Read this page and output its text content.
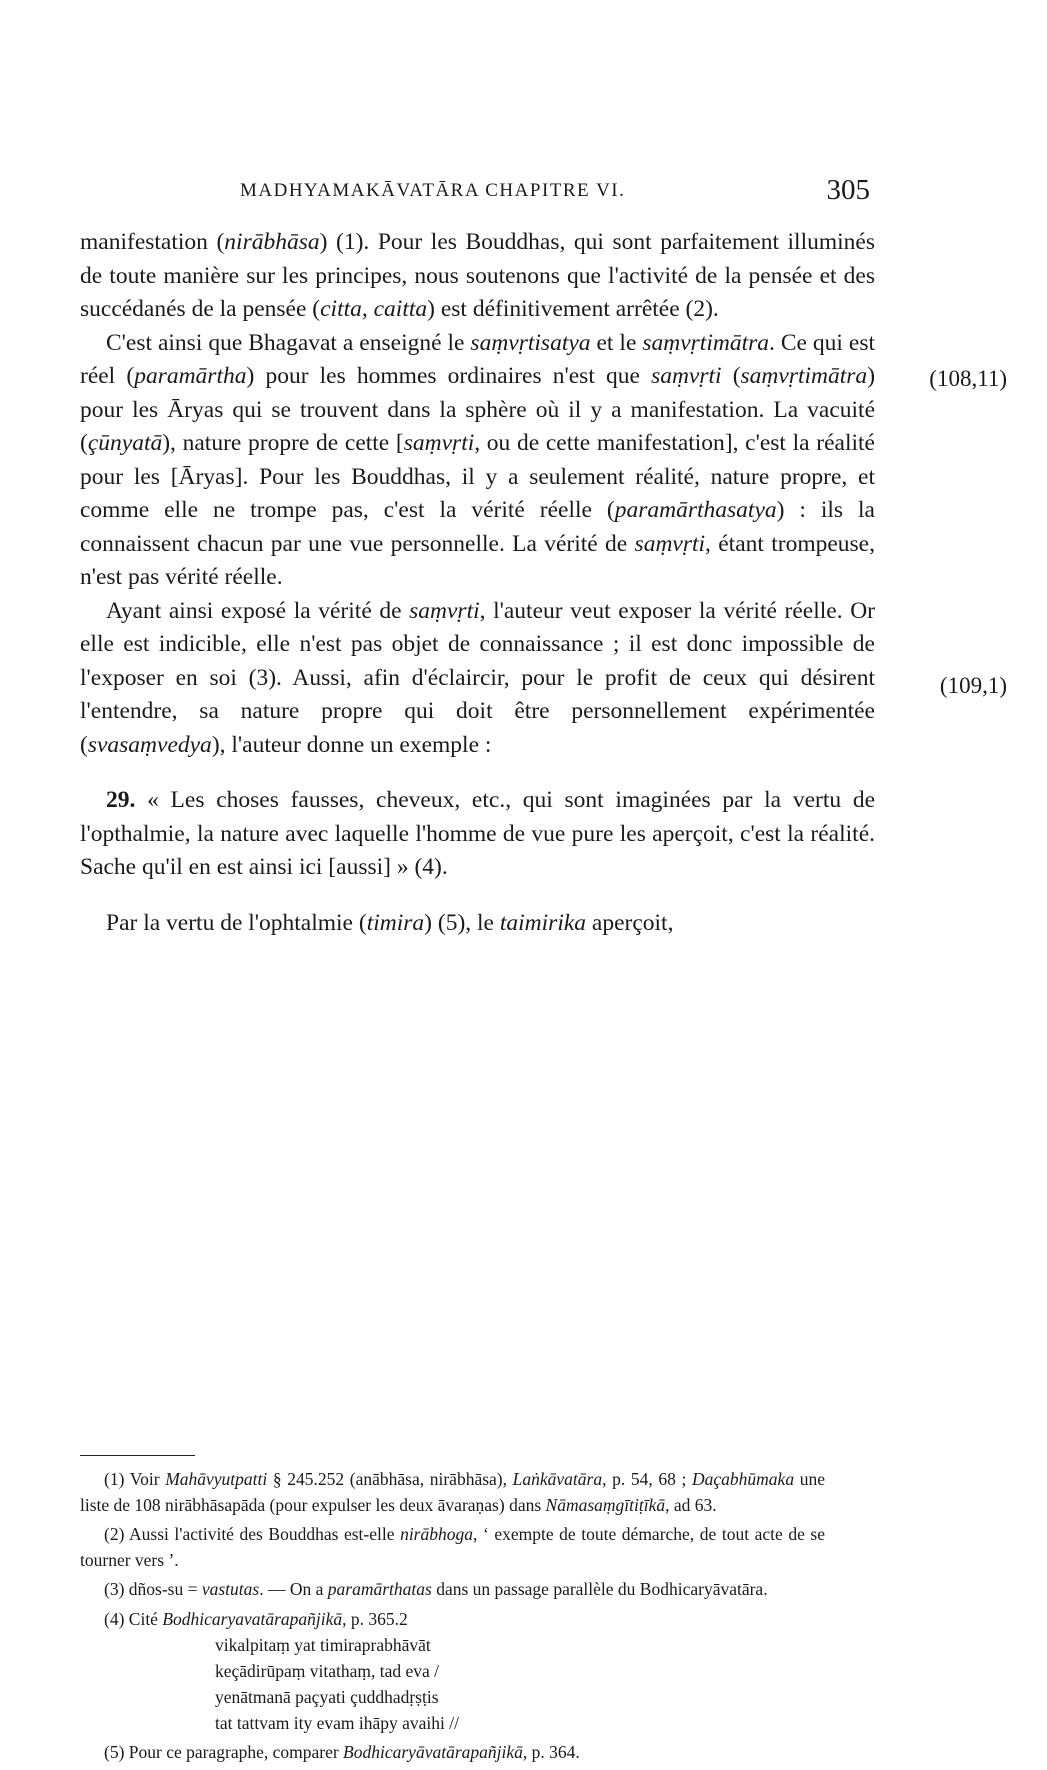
MADHYAMAKĀVATĀRA CHAPITRE VI.	305
(108,11)
(109,1)

manifestation (nirābhāsa) (1). Pour les Bouddhas, qui sont parfaitement illuminés de toute manière sur les principes, nous soutenons que l'activité de la pensée et des succédanés de la pensée (citta, caitta) est définitivement arrêtée (2).

C'est ainsi que Bhagavat a enseigné le saṃvṛtisatya et le saṃvṛtimātra. Ce qui est réel (paramārtha) pour les hommes ordinaires n'est que saṃvṛti (saṃvṛtimātra) pour les Āryas qui se trouvent dans la sphère où il y a manifestation. La vacuité (çūnyatā), nature propre de cette [saṃvṛti, ou de cette manifestation], c'est la réalité pour les [Āryas]. Pour les Bouddhas, il y a seulement réalité, nature propre, et comme elle ne trompe pas, c'est la vérité réelle (paramārthasatya) : ils la connaissent chacun par une vue personnelle. La vérité de saṃvṛti, étant trompeuse, n'est pas vérité réelle.

Ayant ainsi exposé la vérité de saṃvṛti, l'auteur veut exposer la vérité réelle. Or elle est indicible, elle n'est pas objet de connaissance ; il est donc impossible de l'exposer en soi (3). Aussi, afin d'éclaircir, pour le profit de ceux qui désirent l'entendre, sa nature propre qui doit être personnellement expérimentée (svasaṃvedya), l'auteur donne un exemple :

29. « Les choses fausses, cheveux, etc., qui sont imaginées par la vertu de l'opthalmie, la nature avec laquelle l'homme de vue pure les aperçoit, c'est la réalité. Sache qu'il en est ainsi ici [aussi] » (4).

Par la vertu de l'ophtalmie (timira) (5), le taimirika aperçoit,

(1) Voir Mahāvyutpatti § 245.252 (anābhāsa, nirābhāsa), Laṅkāvatāra, p. 54, 68 ; Daçabhūmaka une liste de 108 nirābhāsapāda (pour expulser les deux āvaraṇas) dans Nāmasaṃgītiṭīkā, ad 63.

(2) Aussi l'activité des Bouddhas est-elle nirābhoga, ‘ exempte de toute démarche, de tout acte de se tourner vers ’.

(3) dños-su = vastutas. — On a paramārthatas dans un passage parallèle du Bodhicaryāvatāra.

(4) Cité Bodhicaryavatārapañjikā, p. 365.2

vikalpitaṃ yat timiraprabhāvāt
keçādirūpaṃ vitathaṃ, tad eva /
yenātmanā paçyati çuddhadṛṣṭis
tat tattvam ity evam ihāpy avaihi //

(5) Pour ce paragraphe, comparer Bodhicaryāvatārapañjikā, p. 364.
